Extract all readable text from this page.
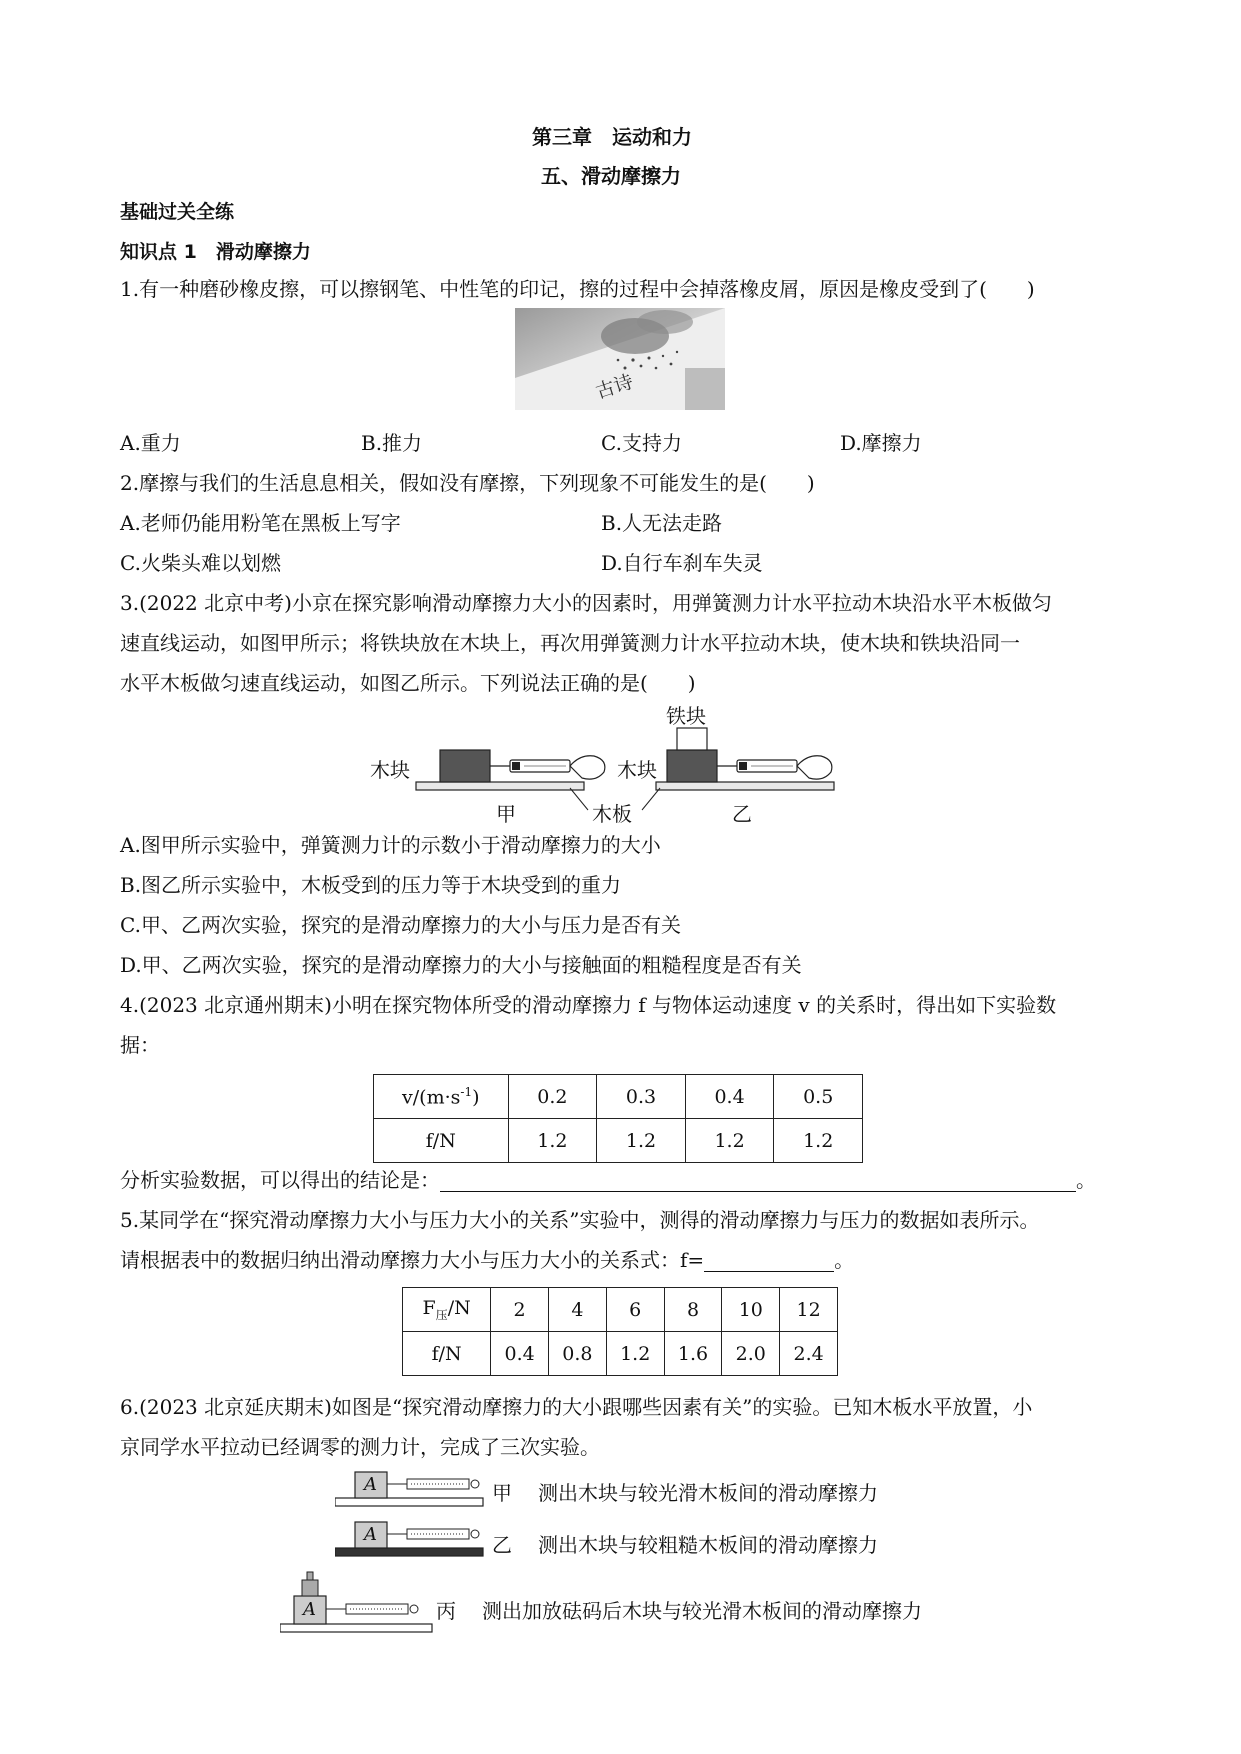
第三章　运动和力
五、滑动摩擦力
基础过关全练
知识点 1　滑动摩擦力
1.有一种磨砂橡皮擦，可以擦钢笔、中性笔的印记，擦的过程中会掉落橡皮屑，原因是橡皮受到了(　　)
古诗
A.重力	B.推力	C.支持力	D.摩擦力
2.摩擦与我们的生活息息相关，假如没有摩擦，下列现象不可能发生的是(　　)
A.老师仍能用粉笔在黑板上写字	B.人无法走路
C.火柴头难以划燃	D.自行车刹车失灵
3.(2022 北京中考)小京在探究影响滑动摩擦力大小的因素时，用弹簧测力计水平拉动木块沿水平木板做匀
速直线运动，如图甲所示；将铁块放在木块上，再次用弹簧测力计水平拉动木块，使木块和铁块沿同一
水平木板做匀速直线运动，如图乙所示。下列说法正确的是(　　)
木块	木块
铁块
木板
甲	乙
A.图甲所示实验中，弹簧测力计的示数小于滑动摩擦力的大小
B.图乙所示实验中，木板受到的压力等于木块受到的重力
C.甲、乙两次实验，探究的是滑动摩擦力的大小与压力是否有关
D.甲、乙两次实验，探究的是滑动摩擦力的大小与接触面的粗糙程度是否有关
4.(2023 北京通州期末)小明在探究物体所受的滑动摩擦力 f 与物体运动速度 v 的关系时，得出如下实验数
据：
$v/(m\cdot s^{-1})$	0.2	0.3	0.4	0.5
f/N	1.2	1.2	1.2	1.2
分析实验数据，可以得出的结论是：	。
5.某同学在“探究滑动摩擦力大小与压力大小的关系”实验中，测得的滑动摩擦力与压力的数据如表所示。
请根据表中的数据归纳出滑动摩擦力大小与压力大小的关系式：f=	。
$F_压/N$	2	4	6	8	10	12
f/N	0.4	0.8	1.2	1.6	2.0	2.4
6.(2023 北京延庆期末)如图是“探究滑动摩擦力的大小跟哪些因素有关”的实验。已知木板水平放置，小
京同学水平拉动已经调零的测力计，完成了三次实验。
A	甲 测出木块与较光滑木板间的滑动摩擦力
A	乙 测出木块与较粗糙木板间的滑动摩擦力
A	丙 测出加放砝码后木块与较光滑木板间的滑动摩擦力
